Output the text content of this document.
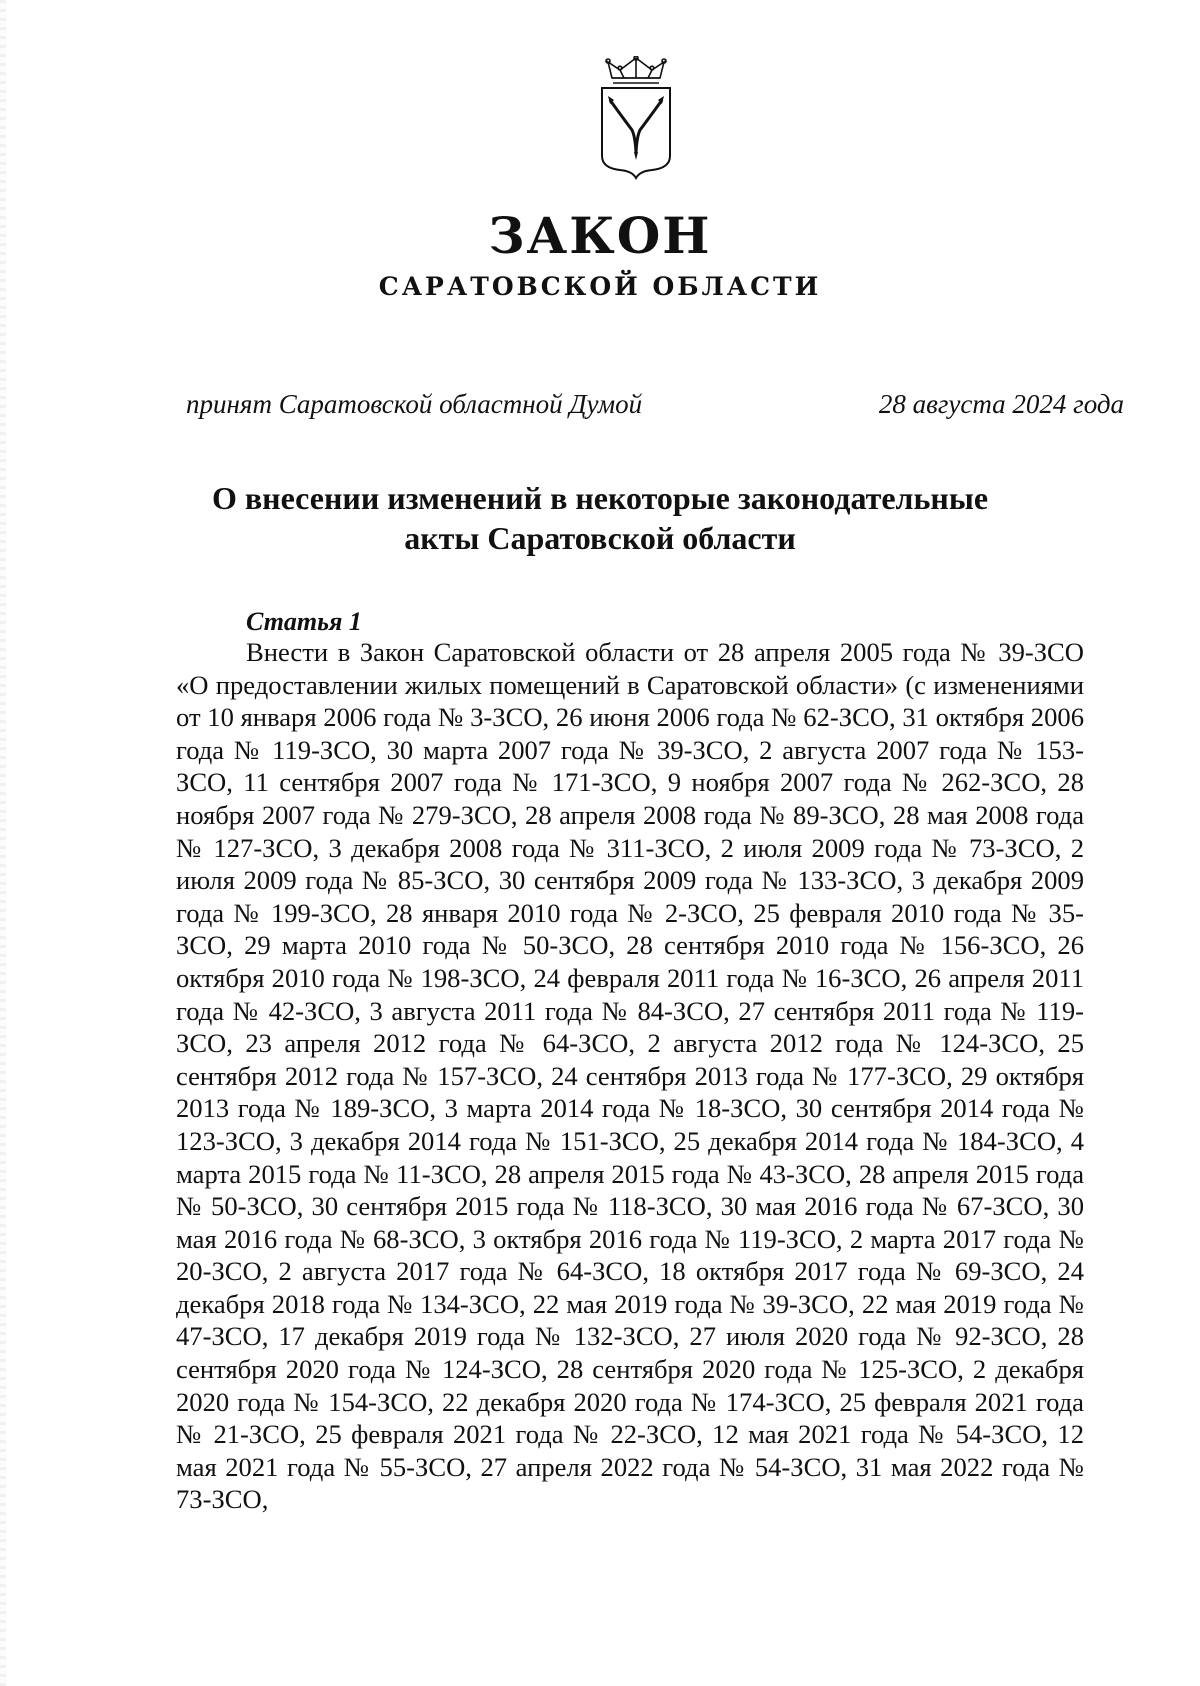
ЗАКОН
САРАТОВСКОЙ ОБЛАСТИ
принят Саратовской областной Думой	28 августа 2024 года
О внесении изменений в некоторые законодательные
акты Саратовской области
Статья 1

Внести в Закон Саратовской области от 28 апреля 2005 года № 39-ЗСО «О предоставлении жилых помещений в Саратовской области» (с изменениями от 10 января 2006 года № 3-ЗСО, 26 июня 2006 года № 62-ЗСО, 31 октября 2006 года № 119-ЗСО, 30 марта 2007 года № 39-ЗСО, 2 августа 2007 года № 153-ЗСО, 11 сентября 2007 года № 171-ЗСО, 9 ноября 2007 года № 262-ЗСО, 28 ноября 2007 года № 279-ЗСО, 28 апреля 2008 года № 89-ЗСО, 28 мая 2008 года № 127-ЗСО, 3 декабря 2008 года № 311-ЗСО, 2 июля 2009 года № 73-ЗСО, 2 июля 2009 года № 85-ЗСО, 30 сентября 2009 года № 133-ЗСО, 3 декабря 2009 года № 199-ЗСО, 28 января 2010 года № 2-ЗСО, 25 февраля 2010 года № 35-ЗСО, 29 марта 2010 года № 50-ЗСО, 28 сентября 2010 года № 156-ЗСО, 26 октября 2010 года № 198-ЗСО, 24 февраля 2011 года № 16-ЗСО, 26 апреля 2011 года № 42-ЗСО, 3 августа 2011 года № 84-ЗСО, 27 сентября 2011 года № 119-ЗСО, 23 апреля 2012 года № 64-ЗСО, 2 августа 2012 года № 124-ЗСО, 25 сентября 2012 года № 157-ЗСО, 24 сентября 2013 года № 177-ЗСО, 29 октября 2013 года № 189-ЗСО, 3 марта 2014 года № 18-ЗСО, 30 сентября 2014 года № 123-ЗСО, 3 декабря 2014 года № 151-ЗСО, 25 декабря 2014 года № 184-ЗСО, 4 марта 2015 года № 11-ЗСО, 28 апреля 2015 года № 43-ЗСО, 28 апреля 2015 года № 50-ЗСО, 30 сентября 2015 года № 118-ЗСО, 30 мая 2016 года № 67-ЗСО, 30 мая 2016 года № 68-ЗСО, 3 октября 2016 года № 119-ЗСО, 2 марта 2017 года № 20-ЗСО, 2 августа 2017 года № 64-ЗСО, 18 октября 2017 года № 69-ЗСО, 24 декабря 2018 года № 134-ЗСО, 22 мая 2019 года № 39-ЗСО, 22 мая 2019 года № 47-ЗСО, 17 декабря 2019 года № 132-ЗСО, 27 июля 2020 года № 92-ЗСО, 28 сентября 2020 года № 124-ЗСО, 28 сентября 2020 года № 125-ЗСО, 2 декабря 2020 года № 154-ЗСО, 22 декабря 2020 года № 174-ЗСО, 25 февраля 2021 года № 21-ЗСО, 25 февраля 2021 года № 22-ЗСО, 12 мая 2021 года № 54-ЗСО, 12 мая 2021 года № 55-ЗСО, 27 апреля 2022 года № 54-ЗСО, 31 мая 2022 года № 73-ЗСО,
